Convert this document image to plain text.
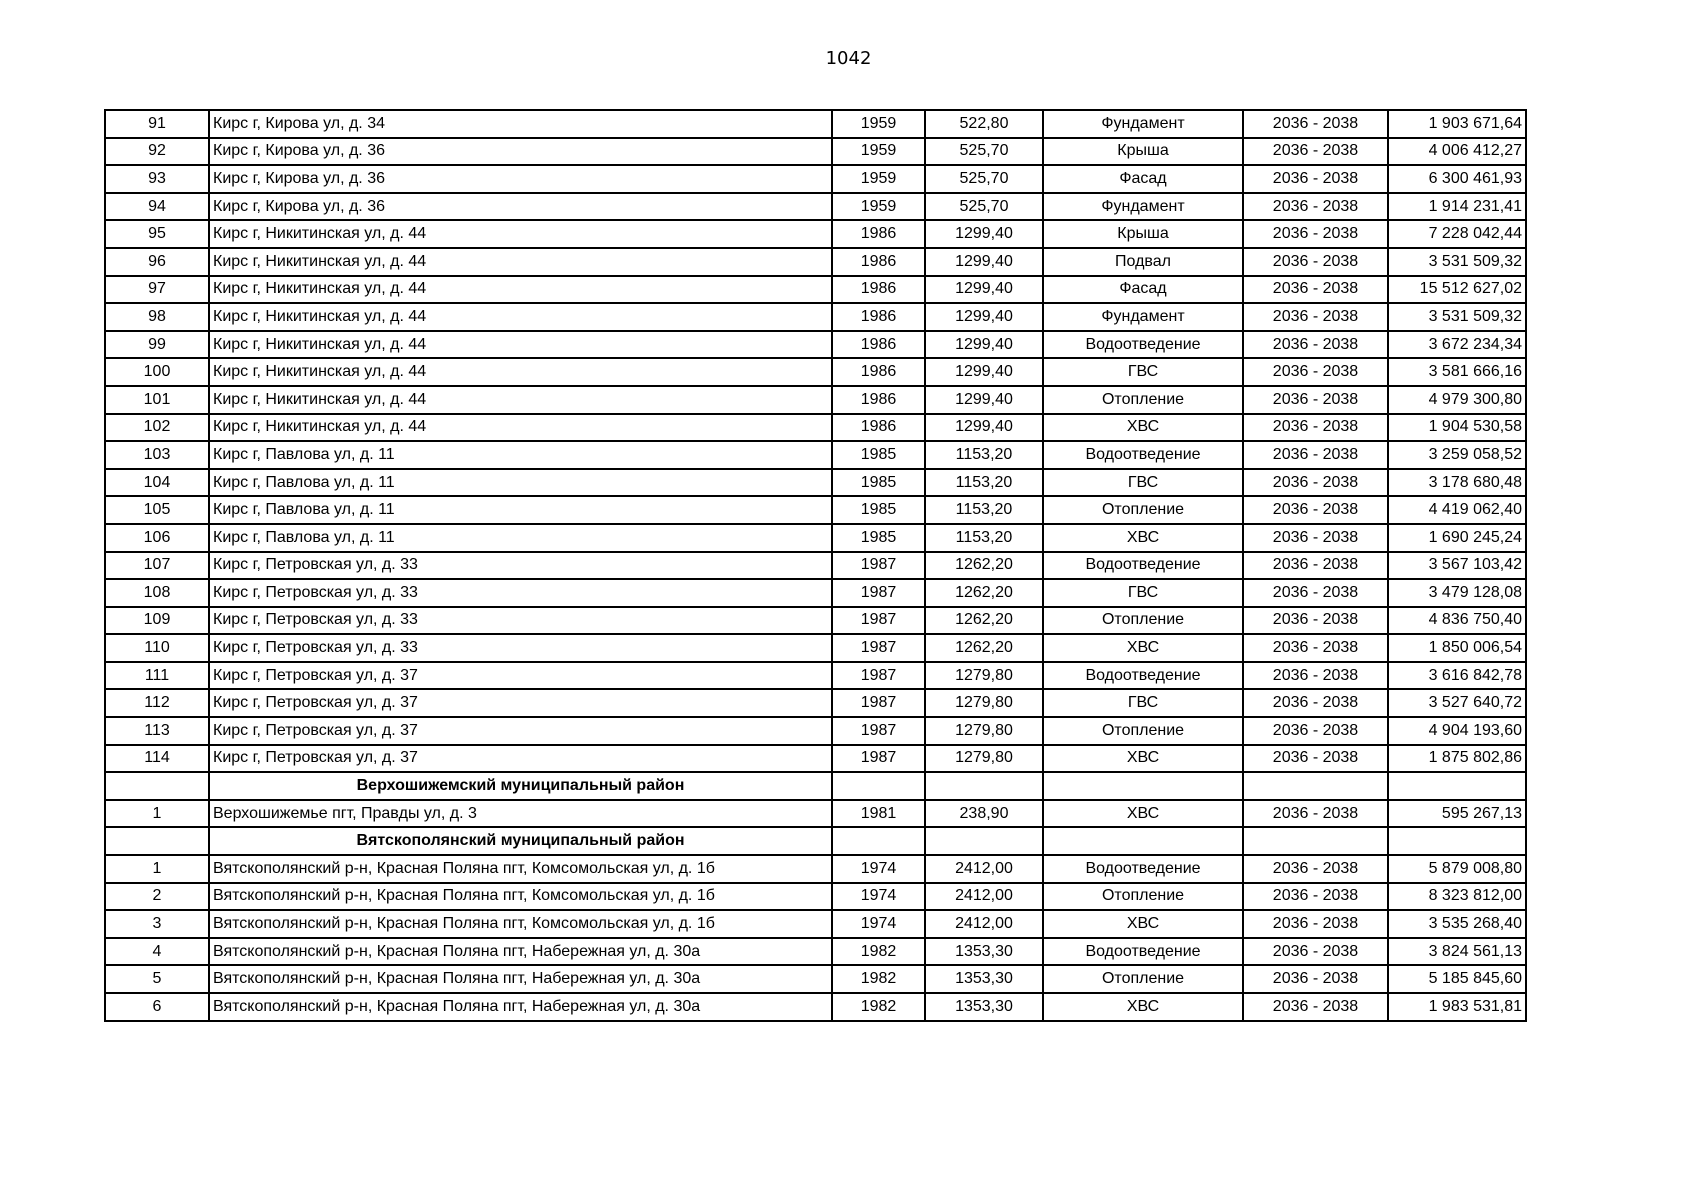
1042
91	Кирс г, Кирова ул, д. 34	1959	522,80	Фундамент	2036 - 2038	1 903 671,64
92	Кирс г, Кирова ул, д. 36	1959	525,70	Крыша	2036 - 2038	4 006 412,27
93	Кирс г, Кирова ул, д. 36	1959	525,70	Фасад	2036 - 2038	6 300 461,93
94	Кирс г, Кирова ул, д. 36	1959	525,70	Фундамент	2036 - 2038	1 914 231,41
95	Кирс г, Никитинская ул, д. 44	1986	1299,40	Крыша	2036 - 2038	7 228 042,44
96	Кирс г, Никитинская ул, д. 44	1986	1299,40	Подвал	2036 - 2038	3 531 509,32
97	Кирс г, Никитинская ул, д. 44	1986	1299,40	Фасад	2036 - 2038	15 512 627,02
98	Кирс г, Никитинская ул, д. 44	1986	1299,40	Фундамент	2036 - 2038	3 531 509,32
99	Кирс г, Никитинская ул, д. 44	1986	1299,40	Водоотведение	2036 - 2038	3 672 234,34
100	Кирс г, Никитинская ул, д. 44	1986	1299,40	ГВС	2036 - 2038	3 581 666,16
101	Кирс г, Никитинская ул, д. 44	1986	1299,40	Отопление	2036 - 2038	4 979 300,80
102	Кирс г, Никитинская ул, д. 44	1986	1299,40	ХВС	2036 - 2038	1 904 530,58
103	Кирс г, Павлова ул, д. 11	1985	1153,20	Водоотведение	2036 - 2038	3 259 058,52
104	Кирс г, Павлова ул, д. 11	1985	1153,20	ГВС	2036 - 2038	3 178 680,48
105	Кирс г, Павлова ул, д. 11	1985	1153,20	Отопление	2036 - 2038	4 419 062,40
106	Кирс г, Павлова ул, д. 11	1985	1153,20	ХВС	2036 - 2038	1 690 245,24
107	Кирс г, Петровская ул, д. 33	1987	1262,20	Водоотведение	2036 - 2038	3 567 103,42
108	Кирс г, Петровская ул, д. 33	1987	1262,20	ГВС	2036 - 2038	3 479 128,08
109	Кирс г, Петровская ул, д. 33	1987	1262,20	Отопление	2036 - 2038	4 836 750,40
110	Кирс г, Петровская ул, д. 33	1987	1262,20	ХВС	2036 - 2038	1 850 006,54
111	Кирс г, Петровская ул, д. 37	1987	1279,80	Водоотведение	2036 - 2038	3 616 842,78
112	Кирс г, Петровская ул, д. 37	1987	1279,80	ГВС	2036 - 2038	3 527 640,72
113	Кирс г, Петровская ул, д. 37	1987	1279,80	Отопление	2036 - 2038	4 904 193,60
114	Кирс г, Петровская ул, д. 37	1987	1279,80	ХВС	2036 - 2038	1 875 802,86
	Верхошижемский муниципальный район					
1	Верхошижемье пгт, Правды ул, д. 3	1981	238,90	ХВС	2036 - 2038	595 267,13
	Вятскополянский муниципальный район					
1	Вятскополянский р-н, Красная Поляна пгт, Комсомольская ул, д. 1б	1974	2412,00	Водоотведение	2036 - 2038	5 879 008,80
2	Вятскополянский р-н, Красная Поляна пгт, Комсомольская ул, д. 1б	1974	2412,00	Отопление	2036 - 2038	8 323 812,00
3	Вятскополянский р-н, Красная Поляна пгт, Комсомольская ул, д. 1б	1974	2412,00	ХВС	2036 - 2038	3 535 268,40
4	Вятскополянский р-н, Красная Поляна пгт, Набережная ул, д. 30а	1982	1353,30	Водоотведение	2036 - 2038	3 824 561,13
5	Вятскополянский р-н, Красная Поляна пгт, Набережная ул, д. 30а	1982	1353,30	Отопление	2036 - 2038	5 185 845,60
6	Вятскополянский р-н, Красная Поляна пгт, Набережная ул, д. 30а	1982	1353,30	ХВС	2036 - 2038	1 983 531,81
